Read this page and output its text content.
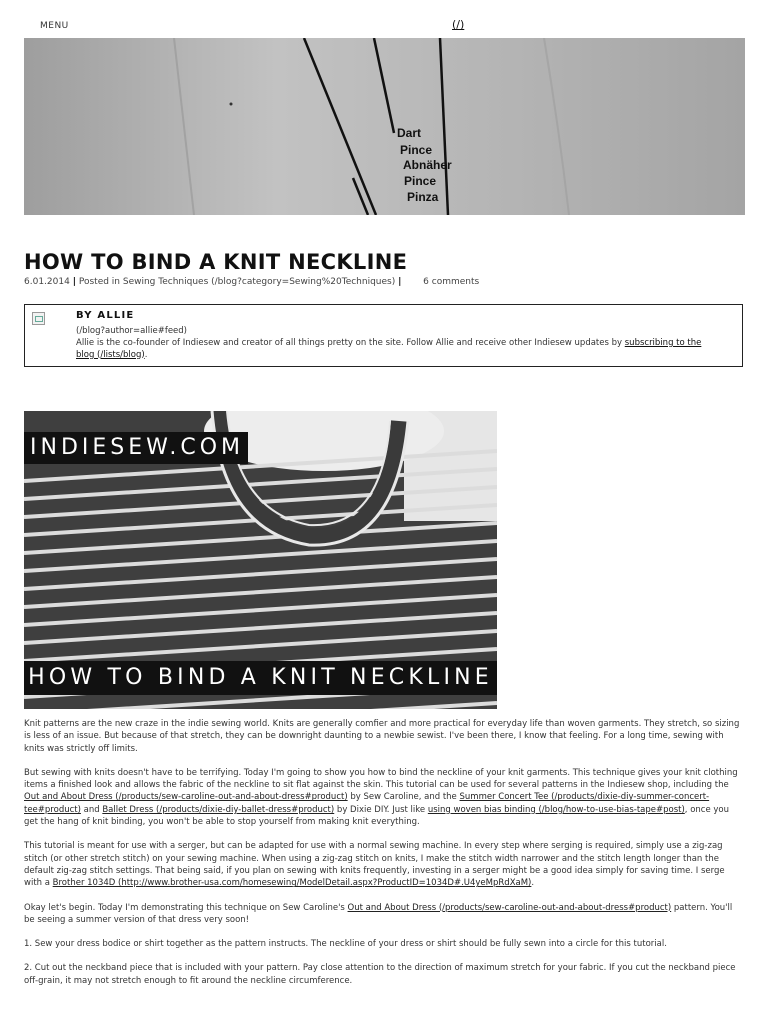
MENU	(/)
Dart
Pince
Abnäher
Pince
Pinza
HOW TO BIND A KNIT NECKLINE
6.01.2014 | Posted in Sewing Techniques (/blog?category=Sewing%20Techniques) | 6 comments
BY ALLIE
(/blog?author=allie#feed)
Allie is the co-founder of Indiesew and creator of all things pretty on the site. Follow Allie and receive other Indiesew updates by subscribing to the blog (/lists/blog).
INDIESEW.COM
HOW TO BIND A KNIT NECKLINE

Knit patterns are the new craze in the indie sewing world. Knits are generally comfier and more practical for everyday life than woven garments. They stretch, so sizing is less of an issue. But because of that stretch, they can be downright daunting to a newbie sewist. I've been there, I know that feeling. For a long time, sewing with knits was strictly off limits.

But sewing with knits doesn't have to be terrifying. Today I'm going to show you how to bind the neckline of your knit garments. This technique gives your knit clothing items a finished look and allows the fabric of the neckline to sit flat against the skin. This tutorial can be used for several patterns in the Indiesew shop, including the Out and About Dress (/products/sew-caroline-out-and-about-dress#product) by Sew Caroline, and the Summer Concert Tee (/products/dixie-diy-summer-concert-tee#product) and Ballet Dress (/products/dixie-diy-ballet-dress#product) by Dixie DIY. Just like using woven bias binding (/blog/how-to-use-bias-tape#post), once you get the hang of knit binding, you won't be able to stop yourself from making knit everything.

This tutorial is meant for use with a serger, but can be adapted for use with a normal sewing machine. In every step where serging is required, simply use a zig-zag stitch (or other stretch stitch) on your sewing machine. When using a zig-zag stitch on knits, I make the stitch width narrower and the stitch length longer than the default zig-zag stitch settings. That being said, if you plan on sewing with knits frequently, investing in a serger might be a good idea simply for saving time. I serge with a Brother 1034D (http://www.brother-usa.com/homesewing/ModelDetail.aspx?ProductID=1034D#.U4yeMpRdXaM).

Okay let's begin. Today I'm demonstrating this technique on Sew Caroline's Out and About Dress (/products/sew-caroline-out-and-about-dress#product) pattern. You'll be seeing a summer version of that dress very soon!

1. Sew your dress bodice or shirt together as the pattern instructs. The neckline of your dress or shirt should be fully sewn into a circle for this tutorial.

2. Cut out the neckband piece that is included with your pattern. Pay close attention to the direction of maximum stretch for your fabric. If you cut the neckband piece off-grain, it may not stretch enough to fit around the neckline circumference.
